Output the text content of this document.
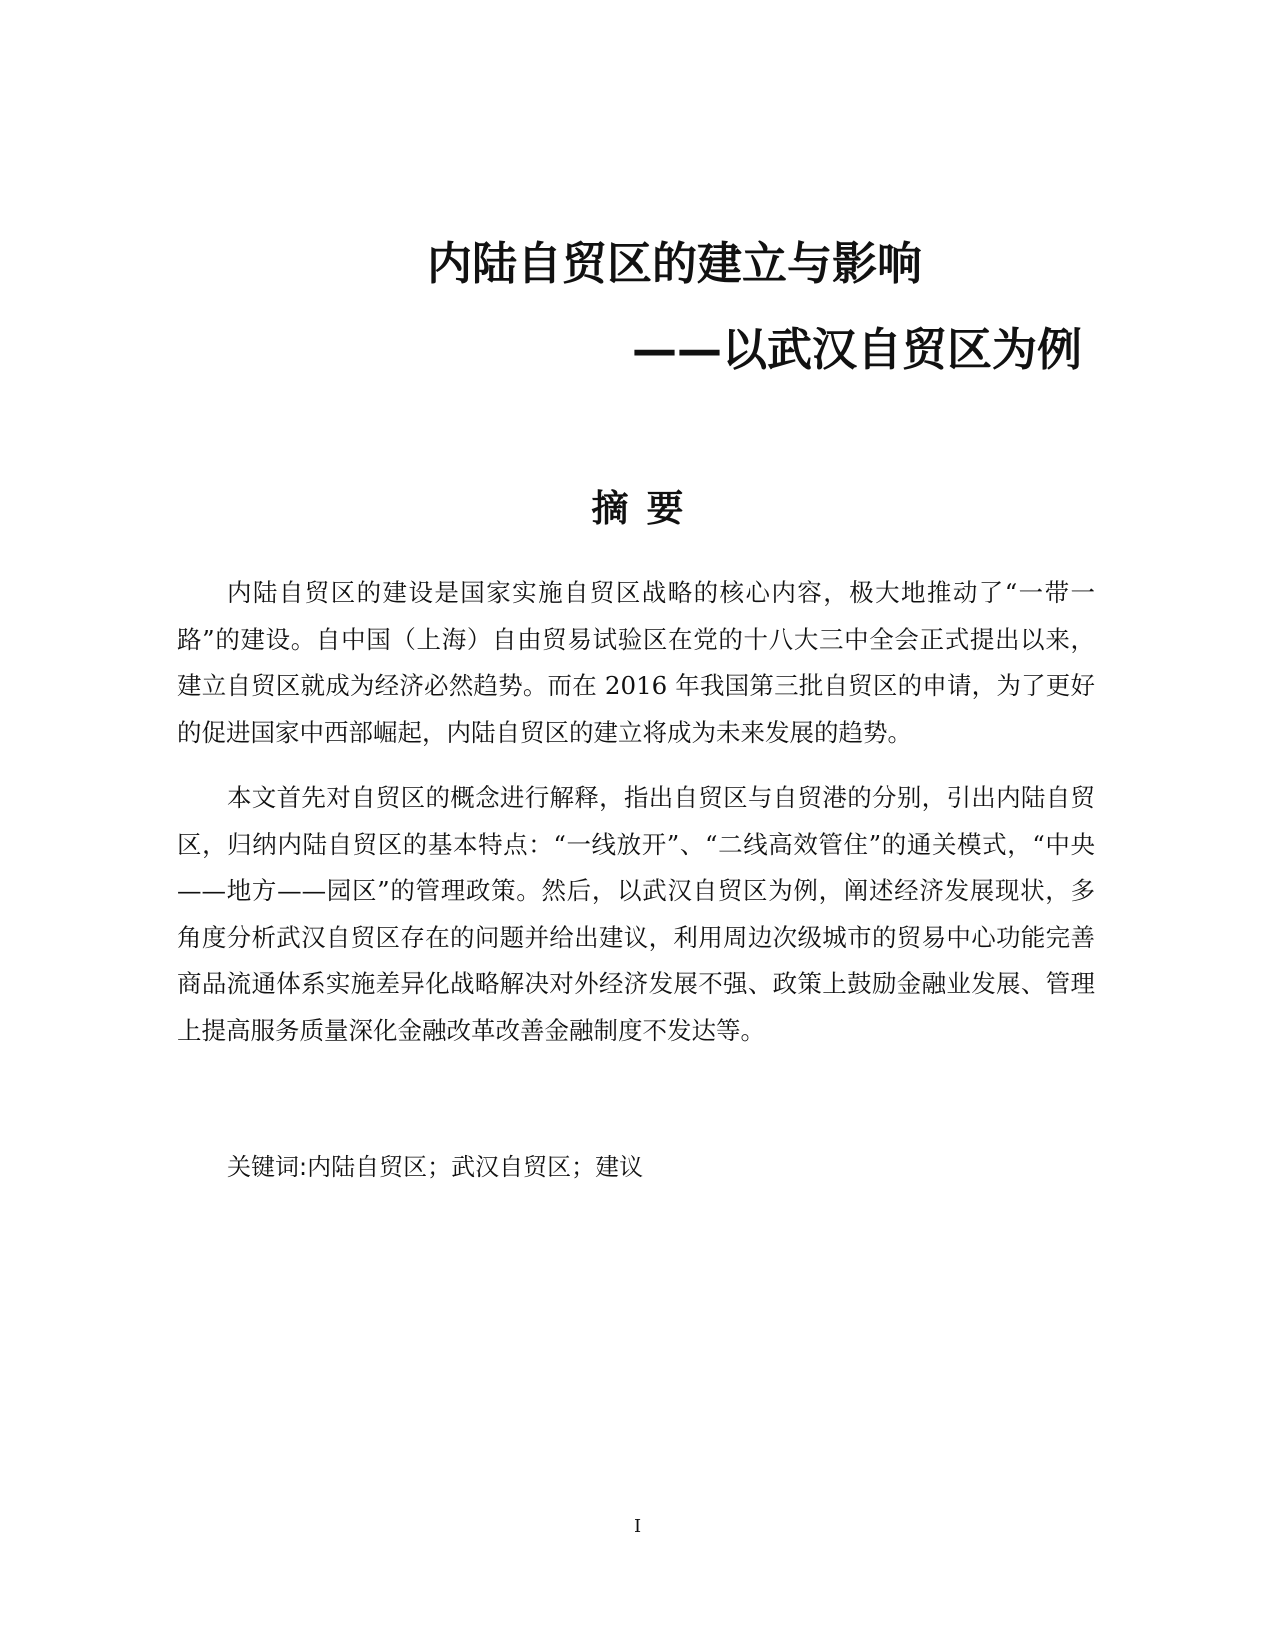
内陆自贸区的建立与影响
——以武汉自贸区为例
摘要

内陆自贸区的建设是国家实施自贸区战略的核心内容，极大地推动了“一带一路”的建设。自中国（上海）自由贸易试验区在党的十八大三中全会正式提出以来，建立自贸区就成为经济必然趋势。而在 2016 年我国第三批自贸区的申请，为了更好的促进国家中西部崛起，内陆自贸区的建立将成为未来发展的趋势。

本文首先对自贸区的概念进行解释，指出自贸区与自贸港的分别，引出内陆自贸区，归纳内陆自贸区的基本特点：“一线放开”、“二线高效管住”的通关模式，“中央——地方——园区”的管理政策。然后，以武汉自贸区为例，阐述经济发展现状，多角度分析武汉自贸区存在的问题并给出建议，利用周边次级城市的贸易中心功能完善商品流通体系实施差异化战略解决对外经济发展不强、政策上鼓励金融业发展、管理上提高服务质量深化金融改革改善金融制度不发达等。

关键词:内陆自贸区；武汉自贸区；建议
I
